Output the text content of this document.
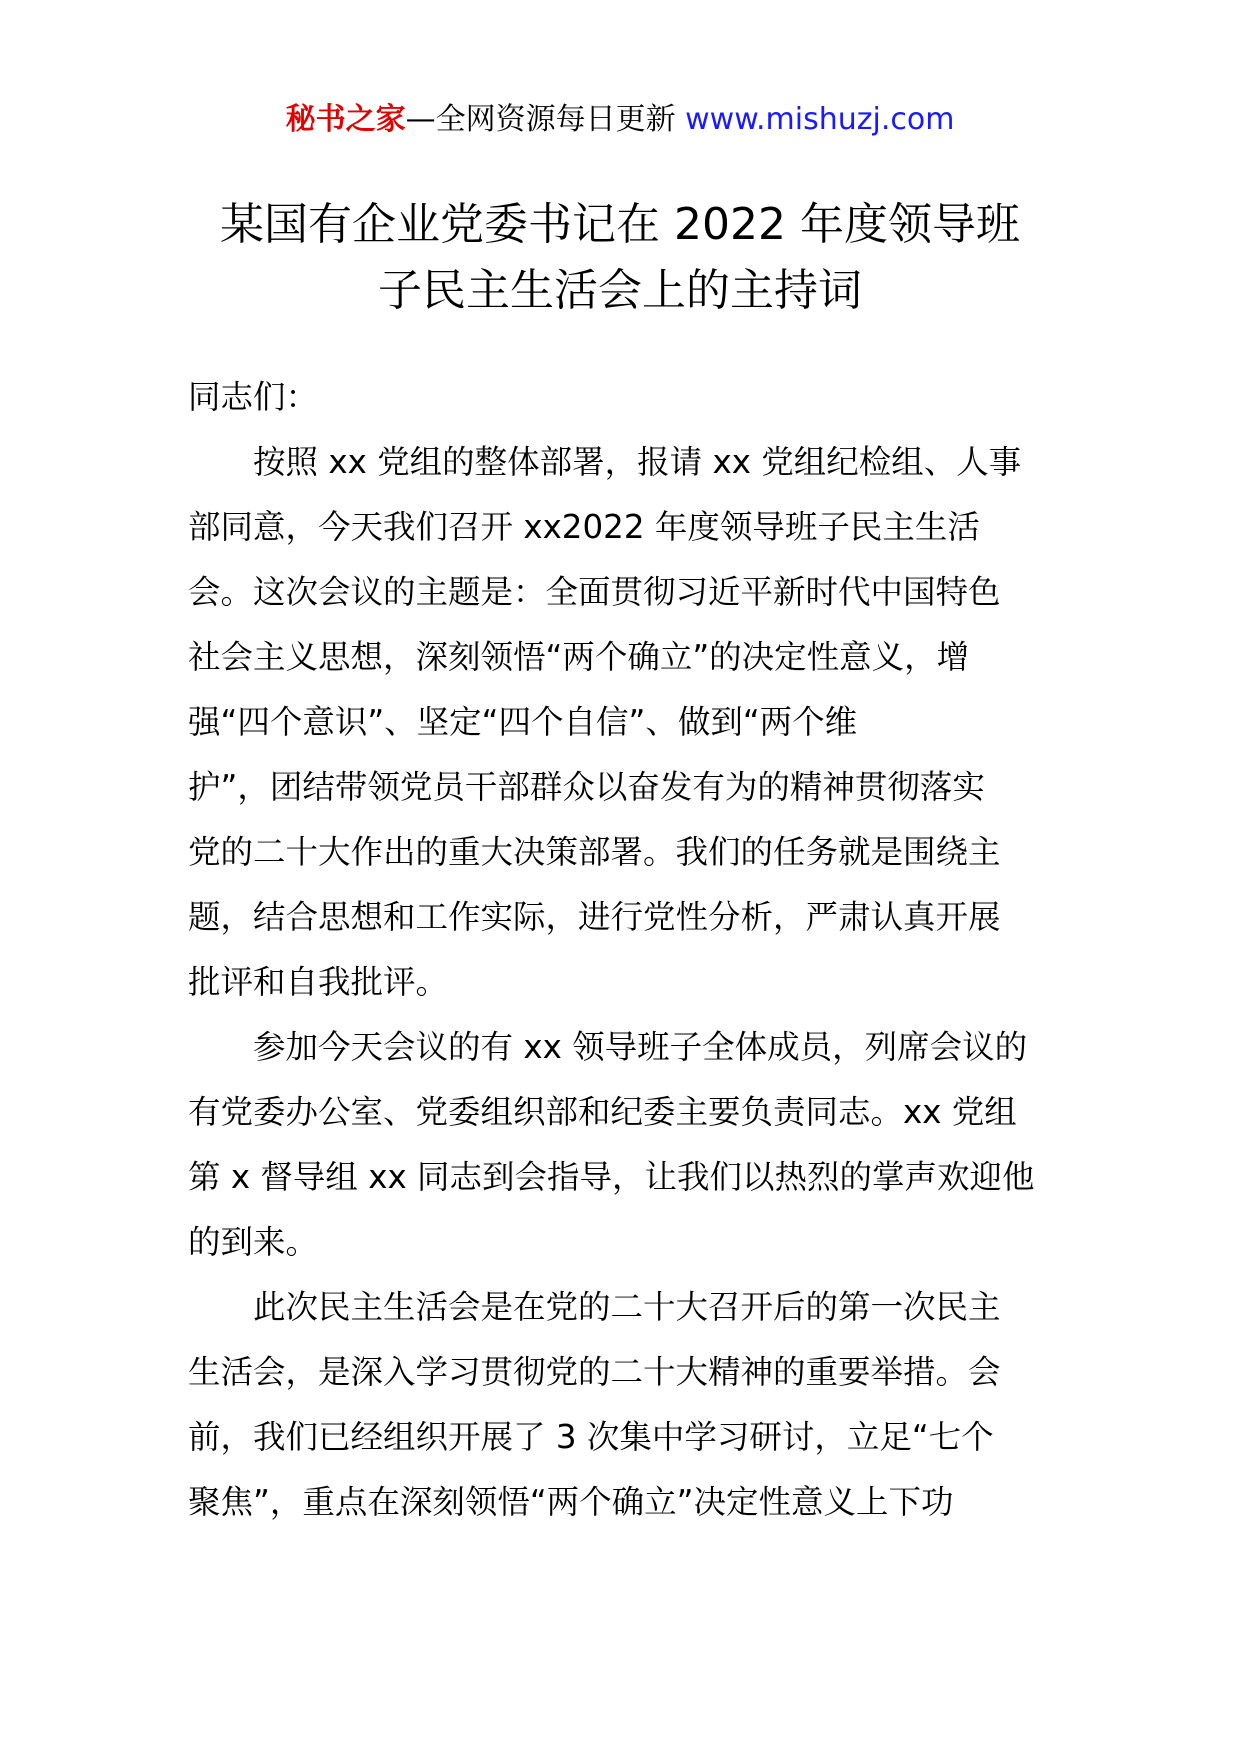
秘书之家—全网资源每日更新 www.mishuzj.com
某国有企业党委书记在 2022 年度领导班
子民主生活会上的主持词
同志们：
按照 xx 党组的整体部署，报请 xx 党组纪检组、人事
部同意，今天我们召开 xx2022 年度领导班子民主生活
会。这次会议的主题是：全面贯彻习近平新时代中国特色
社会主义思想，深刻领悟“两个确立”的决定性意义，增
强“四个意识”、坚定“四个自信”、做到“两个维
护”，团结带领党员干部群众以奋发有为的精神贯彻落实
党的二十大作出的重大决策部署。我们的任务就是围绕主
题，结合思想和工作实际，进行党性分析，严肃认真开展
批评和自我批评。
参加今天会议的有 xx 领导班子全体成员，列席会议的
有党委办公室、党委组织部和纪委主要负责同志。xx 党组
第 x 督导组 xx 同志到会指导，让我们以热烈的掌声欢迎他
的到来。
此次民主生活会是在党的二十大召开后的第一次民主
生活会，是深入学习贯彻党的二十大精神的重要举措。会
前，我们已经组织开展了 3 次集中学习研讨，立足“七个
聚焦”，重点在深刻领悟“两个确立”决定性意义上下功
